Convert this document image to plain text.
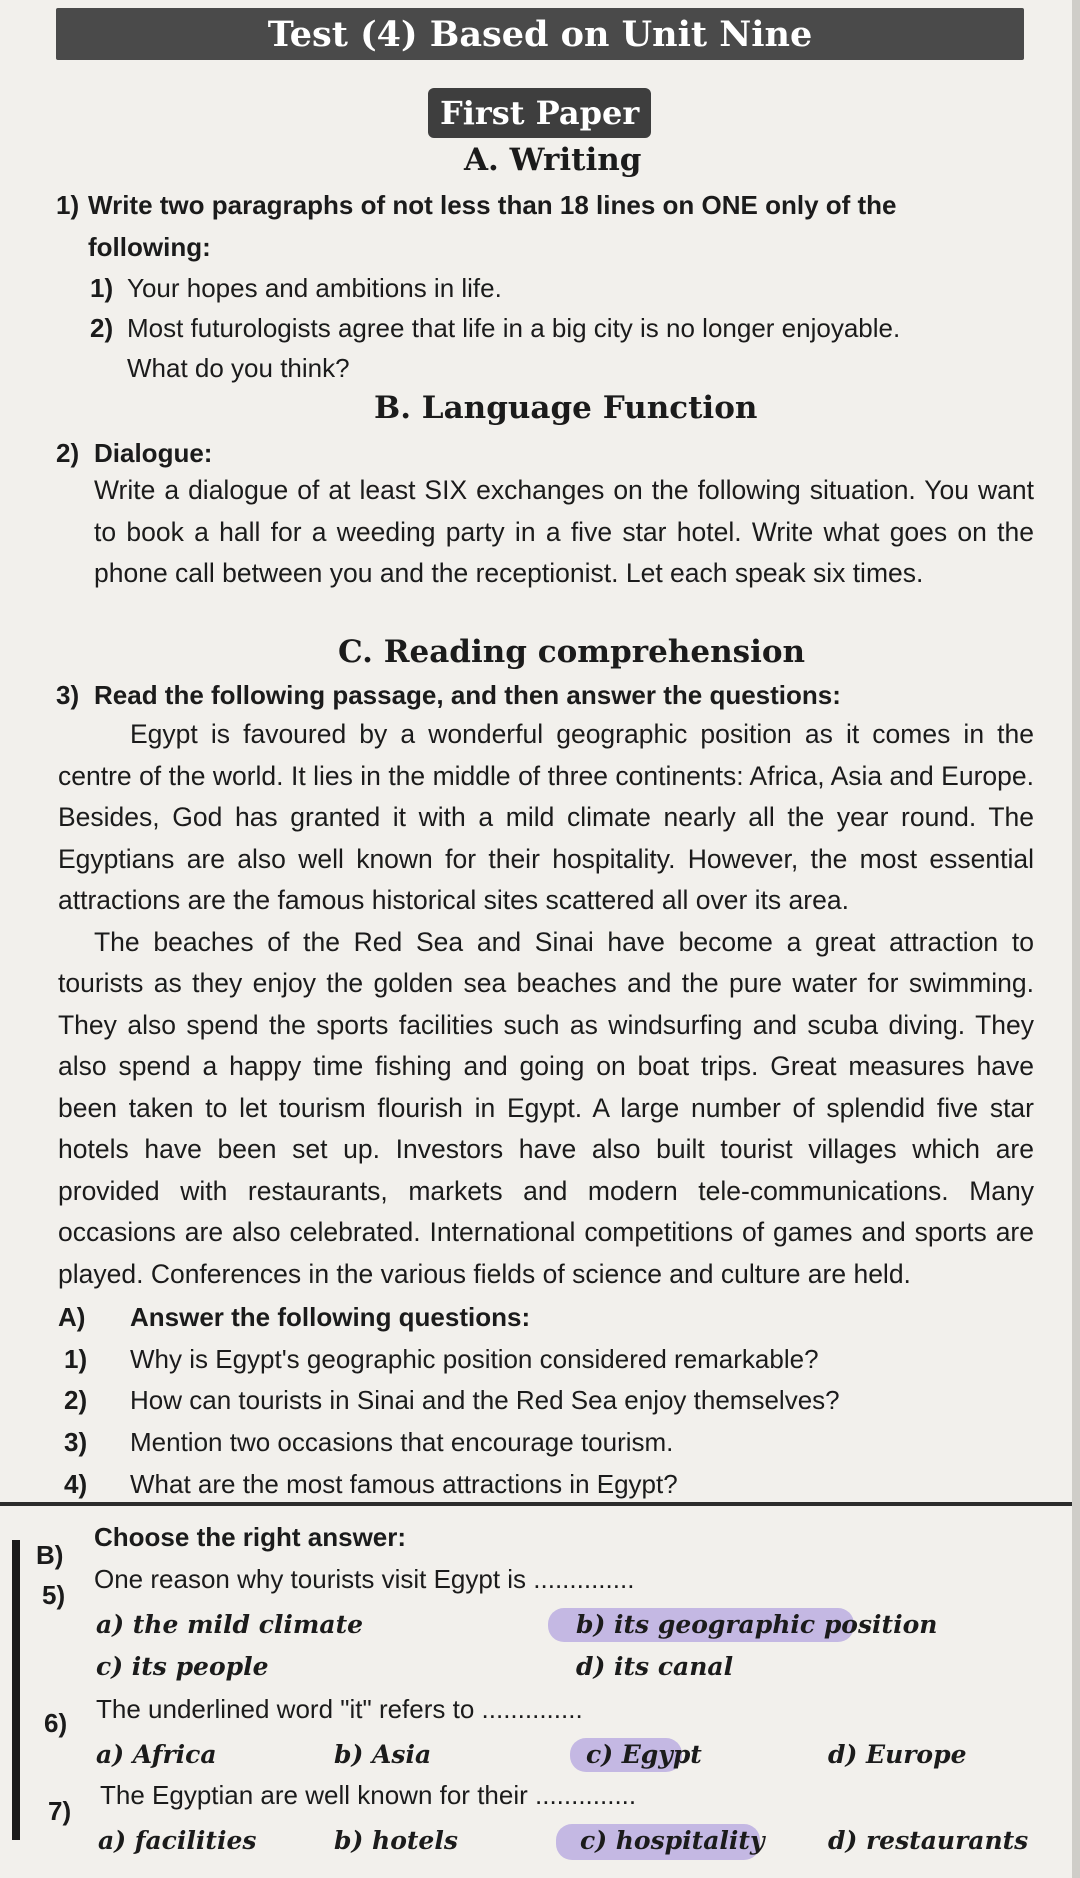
Test (4) Based on Unit Nine
First Paper
A. Writing
1) Write two paragraphs of not less than 18 lines on ONE only of the
following:
1) Your hopes and ambitions in life.
2) Most futurologists agree that life in a big city is no longer enjoyable.
What do you think?
B. Language Function
2) Dialogue:

Write a dialogue of at least SIX exchanges on the following situation. You want to book a hall for a weeding party in a five star hotel. Write what goes on the phone call between you and the receptionist. Let each speak six times.

C. Reading comprehension
3) Read the following passage, and then answer the questions:

Egypt is favoured by a wonderful geographic position as it comes in the centre of the world. It lies in the middle of three continents: Africa, Asia and Europe. Besides, God has granted it with a mild climate nearly all the year round. The Egyptians are also well known for their hospitality. However, the most essential attractions are the famous historical sites scattered all over its area.

The beaches of the Red Sea and Sinai have become a great attraction to tourists as they enjoy the golden sea beaches and the pure water for swimming. They also spend the sports facilities such as windsurfing and scuba diving. They also spend a happy time fishing and going on boat trips. Great measures have been taken to let tourism flourish in Egypt. A large number of splendid five star hotels have been set up. Investors have also built tourist villages which are provided with restaurants, markets and modern tele-communications. Many occasions are also celebrated. International competitions of games and sports are played. Conferences in the various fields of science and culture are held.

A) Answer the following questions:
1) Why is Egypt's geographic position considered remarkable?
2) How can tourists in Sinai and the Red Sea enjoy themselves?
3) Mention two occasions that encourage tourism.
4) What are the most famous attractions in Egypt?
B)
Choose the right answer:
5)
One reason why tourists visit Egypt is ..............
a) the mild climate	b) its geographic position
c) its people	d) its canal
6) The underlined word "it" refers to ..............
a) Africa	b) Asia	c) Egypt	d) Europe
7)
The Egyptian are well known for their ..............
a) facilities	b) hotels	c) hospitality	d) restaurants
